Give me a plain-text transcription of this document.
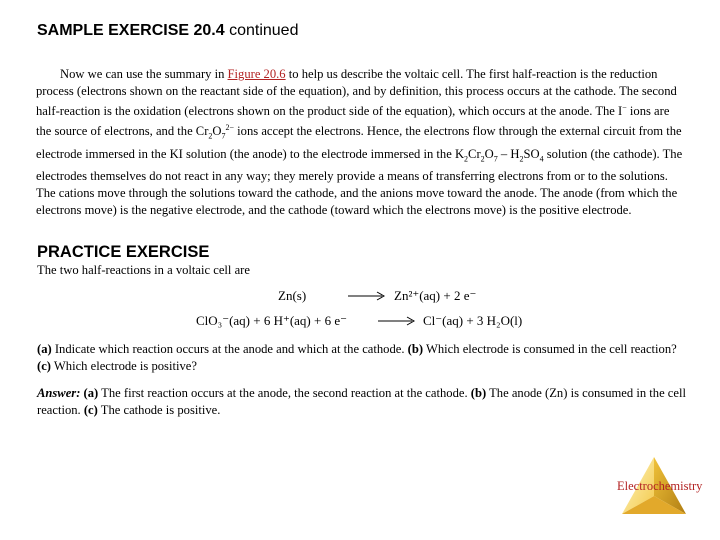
SAMPLE EXERCISE 20.4 continued

Now we can use the summary in Figure 20.6 to help us describe the voltaic cell. The first half-reaction is the reduction process (electrons shown on the reactant side of the equation), and by definition, this process occurs at the cathode. The second half-reaction is the oxidation (electrons shown on the product side of the equation), which occurs at the anode. The I− ions are the source of electrons, and the $Cr_2O_7^{2-}$ ions accept the electrons. Hence, the electrons flow through the external circuit from the electrode immersed in the KI solution (the anode) to the electrode immersed in the $K_2Cr_2O_7 - H_2SO_4$ solution (the cathode). The electrodes themselves do not react in any way; they merely provide a means of transferring electrons from or to the solutions. The cations move through the solutions toward the cathode, and the anions move toward the anode. The anode (from which the electrons move) is the negative electrode, and the cathode (toward which the electrons move) is the positive electrode.

PRACTICE EXERCISE
The two half-reactions in a voltaic cell are
Zn(s)	→ Zn²⁺(aq) + 2 e⁻
ClO₃⁻(aq) + 6 H⁺(aq) + 6 e⁻ → Cl⁻(aq) + 3 H₂O(l)
(a) Indicate which reaction occurs at the anode and which at the cathode. (b) Which electrode is consumed in the cell reaction? (c) Which electrode is positive?
Answer: (a) The first reaction occurs at the anode, the second reaction at the cathode. (b) The anode (Zn) is consumed in the cell reaction. (c) The cathode is positive.
Electrochemistry
